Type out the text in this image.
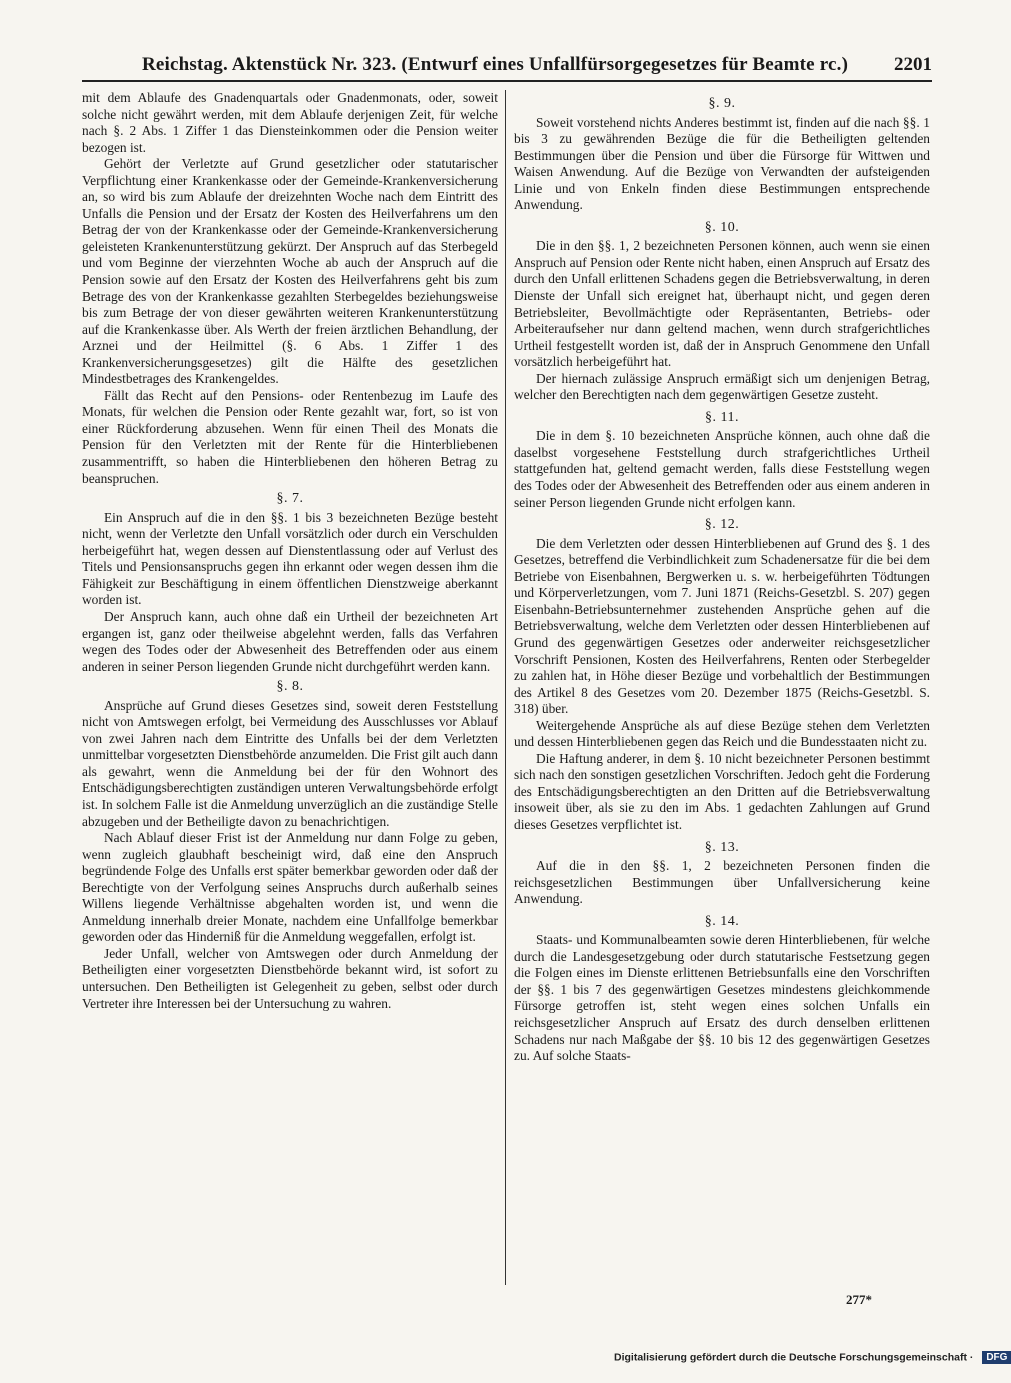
Reichstag. Aktenstück Nr. 323. (Entwurf eines Unfallfürsorgegesetzes für Beamte rc.) 2201

mit dem Ablaufe des Gnadenquartals oder Gnadenmonats, oder, soweit solche nicht gewährt werden, mit dem Ablaufe derjenigen Zeit, für welche nach §. 2 Abs. 1 Ziffer 1 das Diensteinkommen oder die Pension weiter bezogen ist.

Gehört der Verletzte auf Grund gesetzlicher oder statutarischer Verpflichtung einer Krankenkasse oder der Gemeinde-Krankenversicherung an, so wird bis zum Ablaufe der dreizehnten Woche nach dem Eintritt des Unfalls die Pension und der Ersatz der Kosten des Heilverfahrens um den Betrag der von der Krankenkasse oder der Gemeinde-Krankenversicherung geleisteten Krankenunterstützung gekürzt. Der Anspruch auf das Sterbegeld und vom Beginne der vierzehnten Woche ab auch der Anspruch auf die Pension sowie auf den Ersatz der Kosten des Heilverfahrens geht bis zum Betrage des von der Krankenkasse gezahlten Sterbegeldes beziehungsweise bis zum Betrage der von dieser gewährten weiteren Krankenunterstützung auf die Krankenkasse über. Als Werth der freien ärztlichen Behandlung, der Arznei und der Heilmittel (§. 6 Abs. 1 Ziffer 1 des Krankenversicherungsgesetzes) gilt die Hälfte des gesetzlichen Mindestbetrages des Krankengeldes.

Fällt das Recht auf den Pensions- oder Rentenbezug im Laufe des Monats, für welchen die Pension oder Rente gezahlt war, fort, so ist von einer Rückforderung abzusehen. Wenn für einen Theil des Monats die Pension für den Verletzten mit der Rente für die Hinterbliebenen zusammentrifft, so haben die Hinterbliebenen den höheren Betrag zu beanspruchen.

§. 7.

Ein Anspruch auf die in den §§. 1 bis 3 bezeichneten Bezüge besteht nicht, wenn der Verletzte den Unfall vorsätzlich oder durch ein Verschulden herbeigeführt hat, wegen dessen auf Dienstentlassung oder auf Verlust des Titels und Pensionsanspruchs gegen ihn erkannt oder wegen dessen ihm die Fähigkeit zur Beschäftigung in einem öffentlichen Dienstzweige aberkannt worden ist.

Der Anspruch kann, auch ohne daß ein Urtheil der bezeichneten Art ergangen ist, ganz oder theilweise abgelehnt werden, falls das Verfahren wegen des Todes oder der Abwesenheit des Betreffenden oder aus einem anderen in seiner Person liegenden Grunde nicht durchgeführt werden kann.

§. 8.

Ansprüche auf Grund dieses Gesetzes sind, soweit deren Feststellung nicht von Amtswegen erfolgt, bei Vermeidung des Ausschlusses vor Ablauf von zwei Jahren nach dem Eintritte des Unfalls bei der dem Verletzten unmittelbar vorgesetzten Dienstbehörde anzumelden. Die Frist gilt auch dann als gewahrt, wenn die Anmeldung bei der für den Wohnort des Entschädigungsberechtigten zuständigen unteren Verwaltungsbehörde erfolgt ist. In solchem Falle ist die Anmeldung unverzüglich an die zuständige Stelle abzugeben und der Betheiligte davon zu benachrichtigen.

Nach Ablauf dieser Frist ist der Anmeldung nur dann Folge zu geben, wenn zugleich glaubhaft bescheinigt wird, daß eine den Anspruch begründende Folge des Unfalls erst später bemerkbar geworden oder daß der Berechtigte von der Verfolgung seines Anspruchs durch außerhalb seines Willens liegende Verhältnisse abgehalten worden ist, und wenn die Anmeldung innerhalb dreier Monate, nachdem eine Unfallfolge bemerkbar geworden oder das Hinderniß für die Anmeldung weggefallen, erfolgt ist.

Jeder Unfall, welcher von Amtswegen oder durch Anmeldung der Betheiligten einer vorgesetzten Dienstbehörde bekannt wird, ist sofort zu untersuchen. Den Betheiligten ist Gelegenheit zu geben, selbst oder durch Vertreter ihre Interessen bei der Untersuchung zu wahren.

§. 9.

Soweit vorstehend nichts Anderes bestimmt ist, finden auf die nach §§. 1 bis 3 zu gewährenden Bezüge die für die Betheiligten geltenden Bestimmungen über die Pension und über die Fürsorge für Wittwen und Waisen Anwendung. Auf die Bezüge von Verwandten der aufsteigenden Linie und von Enkeln finden diese Bestimmungen entsprechende Anwendung.

§. 10.

Die in den §§. 1, 2 bezeichneten Personen können, auch wenn sie einen Anspruch auf Pension oder Rente nicht haben, einen Anspruch auf Ersatz des durch den Unfall erlittenen Schadens gegen die Betriebsverwaltung, in deren Dienste der Unfall sich ereignet hat, überhaupt nicht, und gegen deren Betriebsleiter, Bevollmächtigte oder Repräsentanten, Betriebs- oder Arbeiteraufseher nur dann geltend machen, wenn durch strafgerichtliches Urtheil festgestellt worden ist, daß der in Anspruch Genommene den Unfall vorsätzlich herbeigeführt hat.

Der hiernach zulässige Anspruch ermäßigt sich um denjenigen Betrag, welcher den Berechtigten nach dem gegenwärtigen Gesetze zusteht.

§. 11.

Die in dem §. 10 bezeichneten Ansprüche können, auch ohne daß die daselbst vorgesehene Feststellung durch strafgerichtliches Urtheil stattgefunden hat, geltend gemacht werden, falls diese Feststellung wegen des Todes oder der Abwesenheit des Betreffenden oder aus einem anderen in seiner Person liegenden Grunde nicht erfolgen kann.

§. 12.

Die dem Verletzten oder dessen Hinterbliebenen auf Grund des §. 1 des Gesetzes, betreffend die Verbindlichkeit zum Schadenersatze für die bei dem Betriebe von Eisenbahnen, Bergwerken u. s. w. herbeigeführten Tödtungen und Körperverletzungen, vom 7. Juni 1871 (Reichs-Gesetzbl. S. 207) gegen Eisenbahn-Betriebsunternehmer zustehenden Ansprüche gehen auf die Betriebsverwaltung, welche dem Verletzten oder dessen Hinterbliebenen auf Grund des gegenwärtigen Gesetzes oder anderweiter reichsgesetzlicher Vorschrift Pensionen, Kosten des Heilverfahrens, Renten oder Sterbegelder zu zahlen hat, in Höhe dieser Bezüge und vorbehaltlich der Bestimmungen des Artikel 8 des Gesetzes vom 20. Dezember 1875 (Reichs-Gesetzbl. S. 318) über.

Weitergehende Ansprüche als auf diese Bezüge stehen dem Verletzten und dessen Hinterbliebenen gegen das Reich und die Bundesstaaten nicht zu.

Die Haftung anderer, in dem §. 10 nicht bezeichneter Personen bestimmt sich nach den sonstigen gesetzlichen Vorschriften. Jedoch geht die Forderung des Entschädigungsberechtigten an den Dritten auf die Betriebsverwaltung insoweit über, als sie zu den im Abs. 1 gedachten Zahlungen auf Grund dieses Gesetzes verpflichtet ist.

§. 13.

Auf die in den §§. 1, 2 bezeichneten Personen finden die reichsgesetzlichen Bestimmungen über Unfallversicherung keine Anwendung.

§. 14.

Staats- und Kommunalbeamten sowie deren Hinterbliebenen, für welche durch die Landesgesetzgebung oder durch statutarische Festsetzung gegen die Folgen eines im Dienste erlittenen Betriebsunfalls eine den Vorschriften der §§. 1 bis 7 des gegenwärtigen Gesetzes mindestens gleichkommende Fürsorge getroffen ist, steht wegen eines solchen Unfalls ein reichsgesetzlicher Anspruch auf Ersatz des durch denselben erlittenen Schadens nur nach Maßgabe der §§. 10 bis 12 des gegenwärtigen Gesetzes zu. Auf solche Staats-

277*
Digitalisierung gefördert durch die Deutsche Forschungsgemeinschaft · DFG
